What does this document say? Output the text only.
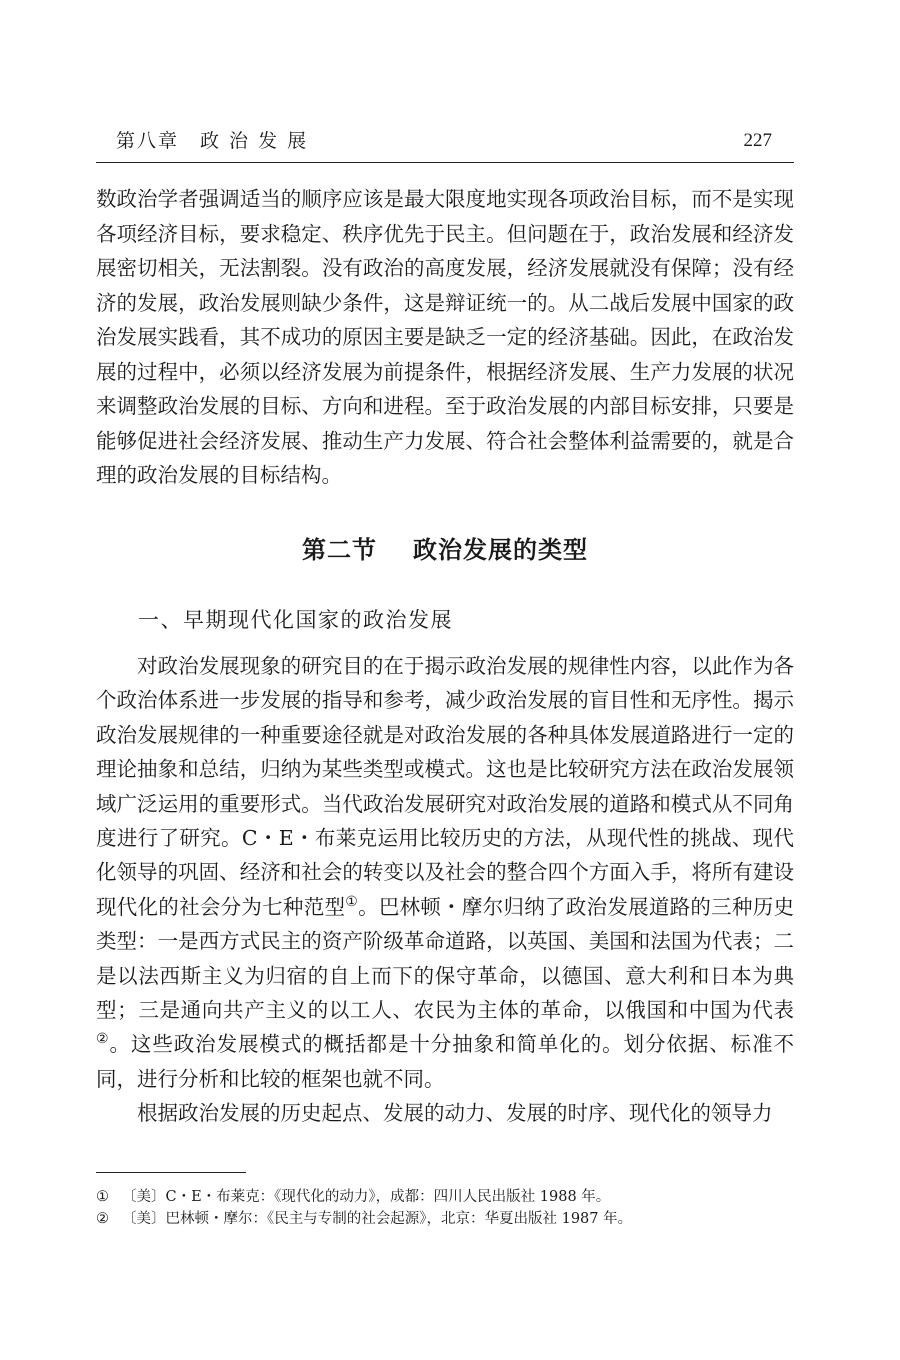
第八章　政 治 发 展	227

数政治学者强调适当的顺序应该是最大限度地实现各项政治目标，而不是实现各项经济目标，要求稳定、秩序优先于民主。但问题在于，政治发展和经济发展密切相关，无法割裂。没有政治的高度发展，经济发展就没有保障；没有经济的发展，政治发展则缺少条件，这是辩证统一的。从二战后发展中国家的政治发展实践看，其不成功的原因主要是缺乏一定的经济基础。因此，在政治发展的过程中，必须以经济发展为前提条件，根据经济发展、生产力发展的状况来调整政治发展的目标、方向和进程。至于政治发展的内部目标安排，只要是能够促进社会经济发展、推动生产力发展、符合社会整体利益需要的，就是合理的政治发展的目标结构。

第二节 政治发展的类型
一、早期现代化国家的政治发展

对政治发展现象的研究目的在于揭示政治发展的规律性内容，以此作为各个政治体系进一步发展的指导和参考，减少政治发展的盲目性和无序性。揭示政治发展规律的一种重要途径就是对政治发展的各种具体发展道路进行一定的理论抽象和总结，归纳为某些类型或模式。这也是比较研究方法在政治发展领域广泛运用的重要形式。当代政治发展研究对政治发展的道路和模式从不同角度进行了研究。C・E・布莱克运用比较历史的方法，从现代性的挑战、现代化领导的巩固、经济和社会的转变以及社会的整合四个方面入手，将所有建设现代化的社会分为七种范型①。巴林顿・摩尔归纳了政治发展道路的三种历史类型：一是西方式民主的资产阶级革命道路，以英国、美国和法国为代表；二是以法西斯主义为归宿的自上而下的保守革命，以德国、意大利和日本为典型；三是通向共产主义的以工人、农民为主体的革命，以俄国和中国为代表②。这些政治发展模式的概括都是十分抽象和简单化的。划分依据、标准不同，进行分析和比较的框架也就不同。

根据政治发展的历史起点、发展的动力、发展的时序、现代化的领导力

① 〔美〕C・E・布莱克：《现代化的动力》，成都：四川人民出版社 1988 年。
② 〔美〕巴林顿・摩尔：《民主与专制的社会起源》，北京：华夏出版社 1987 年。
